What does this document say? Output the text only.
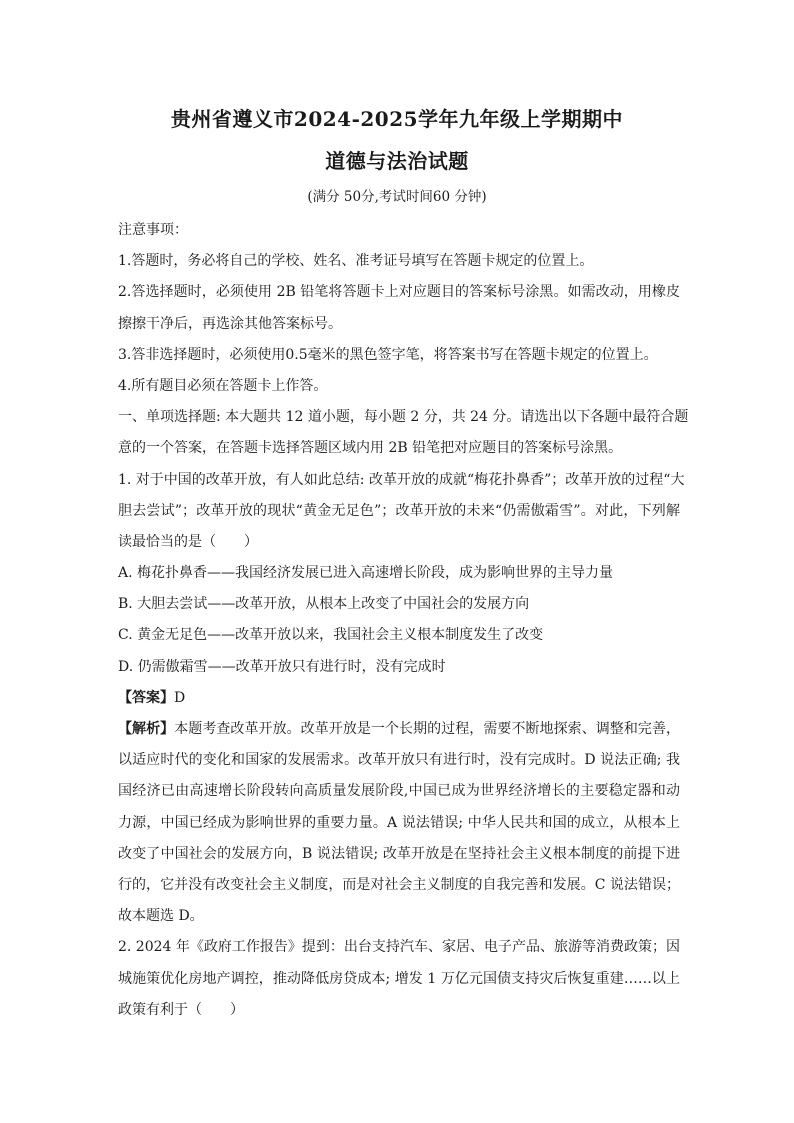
贵州省遵义市2024-2025学年九年级上学期期中
道德与法治试题
(满分 50分,考试时间60 分钟)
注意事项：
1.答题时，务必将自己的学校、姓名、准考证号填写在答题卡规定的位置上。
2.答选择题时，必须使用 2B 铅笔将答题卡上对应题目的答案标号涂黑。如需改动，用橡皮
擦擦干净后，再选涂其他答案标号。
3.答非选择题时，必须使用0.5毫米的黑色签字笔，将答案书写在答题卡规定的位置上。
4.所有题目必须在答题卡上作答。
一、单项选择题: 本大题共 12 道小题，每小题 2 分，共 24 分。请选出以下各题中最符合题
意的一个答案，在答题卡选择答题区域内用 2B 铅笔把对应题目的答案标号涂黑。
1. 对于中国的改革开放，有人如此总结: 改革开放的成就“梅花扑鼻香”；改革开放的过程“大
胆去尝试”；改革开放的现状“黄金无足色”；改革开放的未来“仍需傲霜雪”。对此，下列解
读最恰当的是（　　）
A. 梅花扑鼻香——我国经济发展已进入高速增长阶段，成为影响世界的主导力量
B. 大胆去尝试——改革开放，从根本上改变了中国社会的发展方向
C. 黄金无足色——改革开放以来，我国社会主义根本制度发生了改变
D. 仍需傲霜雪——改革开放只有进行时，没有完成时
【答案】D
【解析】本题考查改革开放。改革开放是一个长期的过程，需要不断地探索、调整和完善，
以适应时代的变化和国家的发展需求。改革开放只有进行时，没有完成时。D 说法正确; 我
国经济已由高速增长阶段转向高质量发展阶段,中国已成为世界经济增长的主要稳定器和动
力源，中国已经成为影响世界的重要力量。A 说法错误; 中华人民共和国的成立，从根本上
改变了中国社会的发展方向，B 说法错误; 改革开放是在坚持社会主义根本制度的前提下进
行的，它并没有改变社会主义制度，而是对社会主义制度的自我完善和发展。C 说法错误；
故本题选 D。
2. 2024 年《政府工作报告》提到：出台支持汽车、家居、电子产品、旅游等消费政策；因
城施策优化房地产调控，推动降低房贷成本; 增发 1 万亿元国债支持灾后恢复重建……以上
政策有利于（　　）
